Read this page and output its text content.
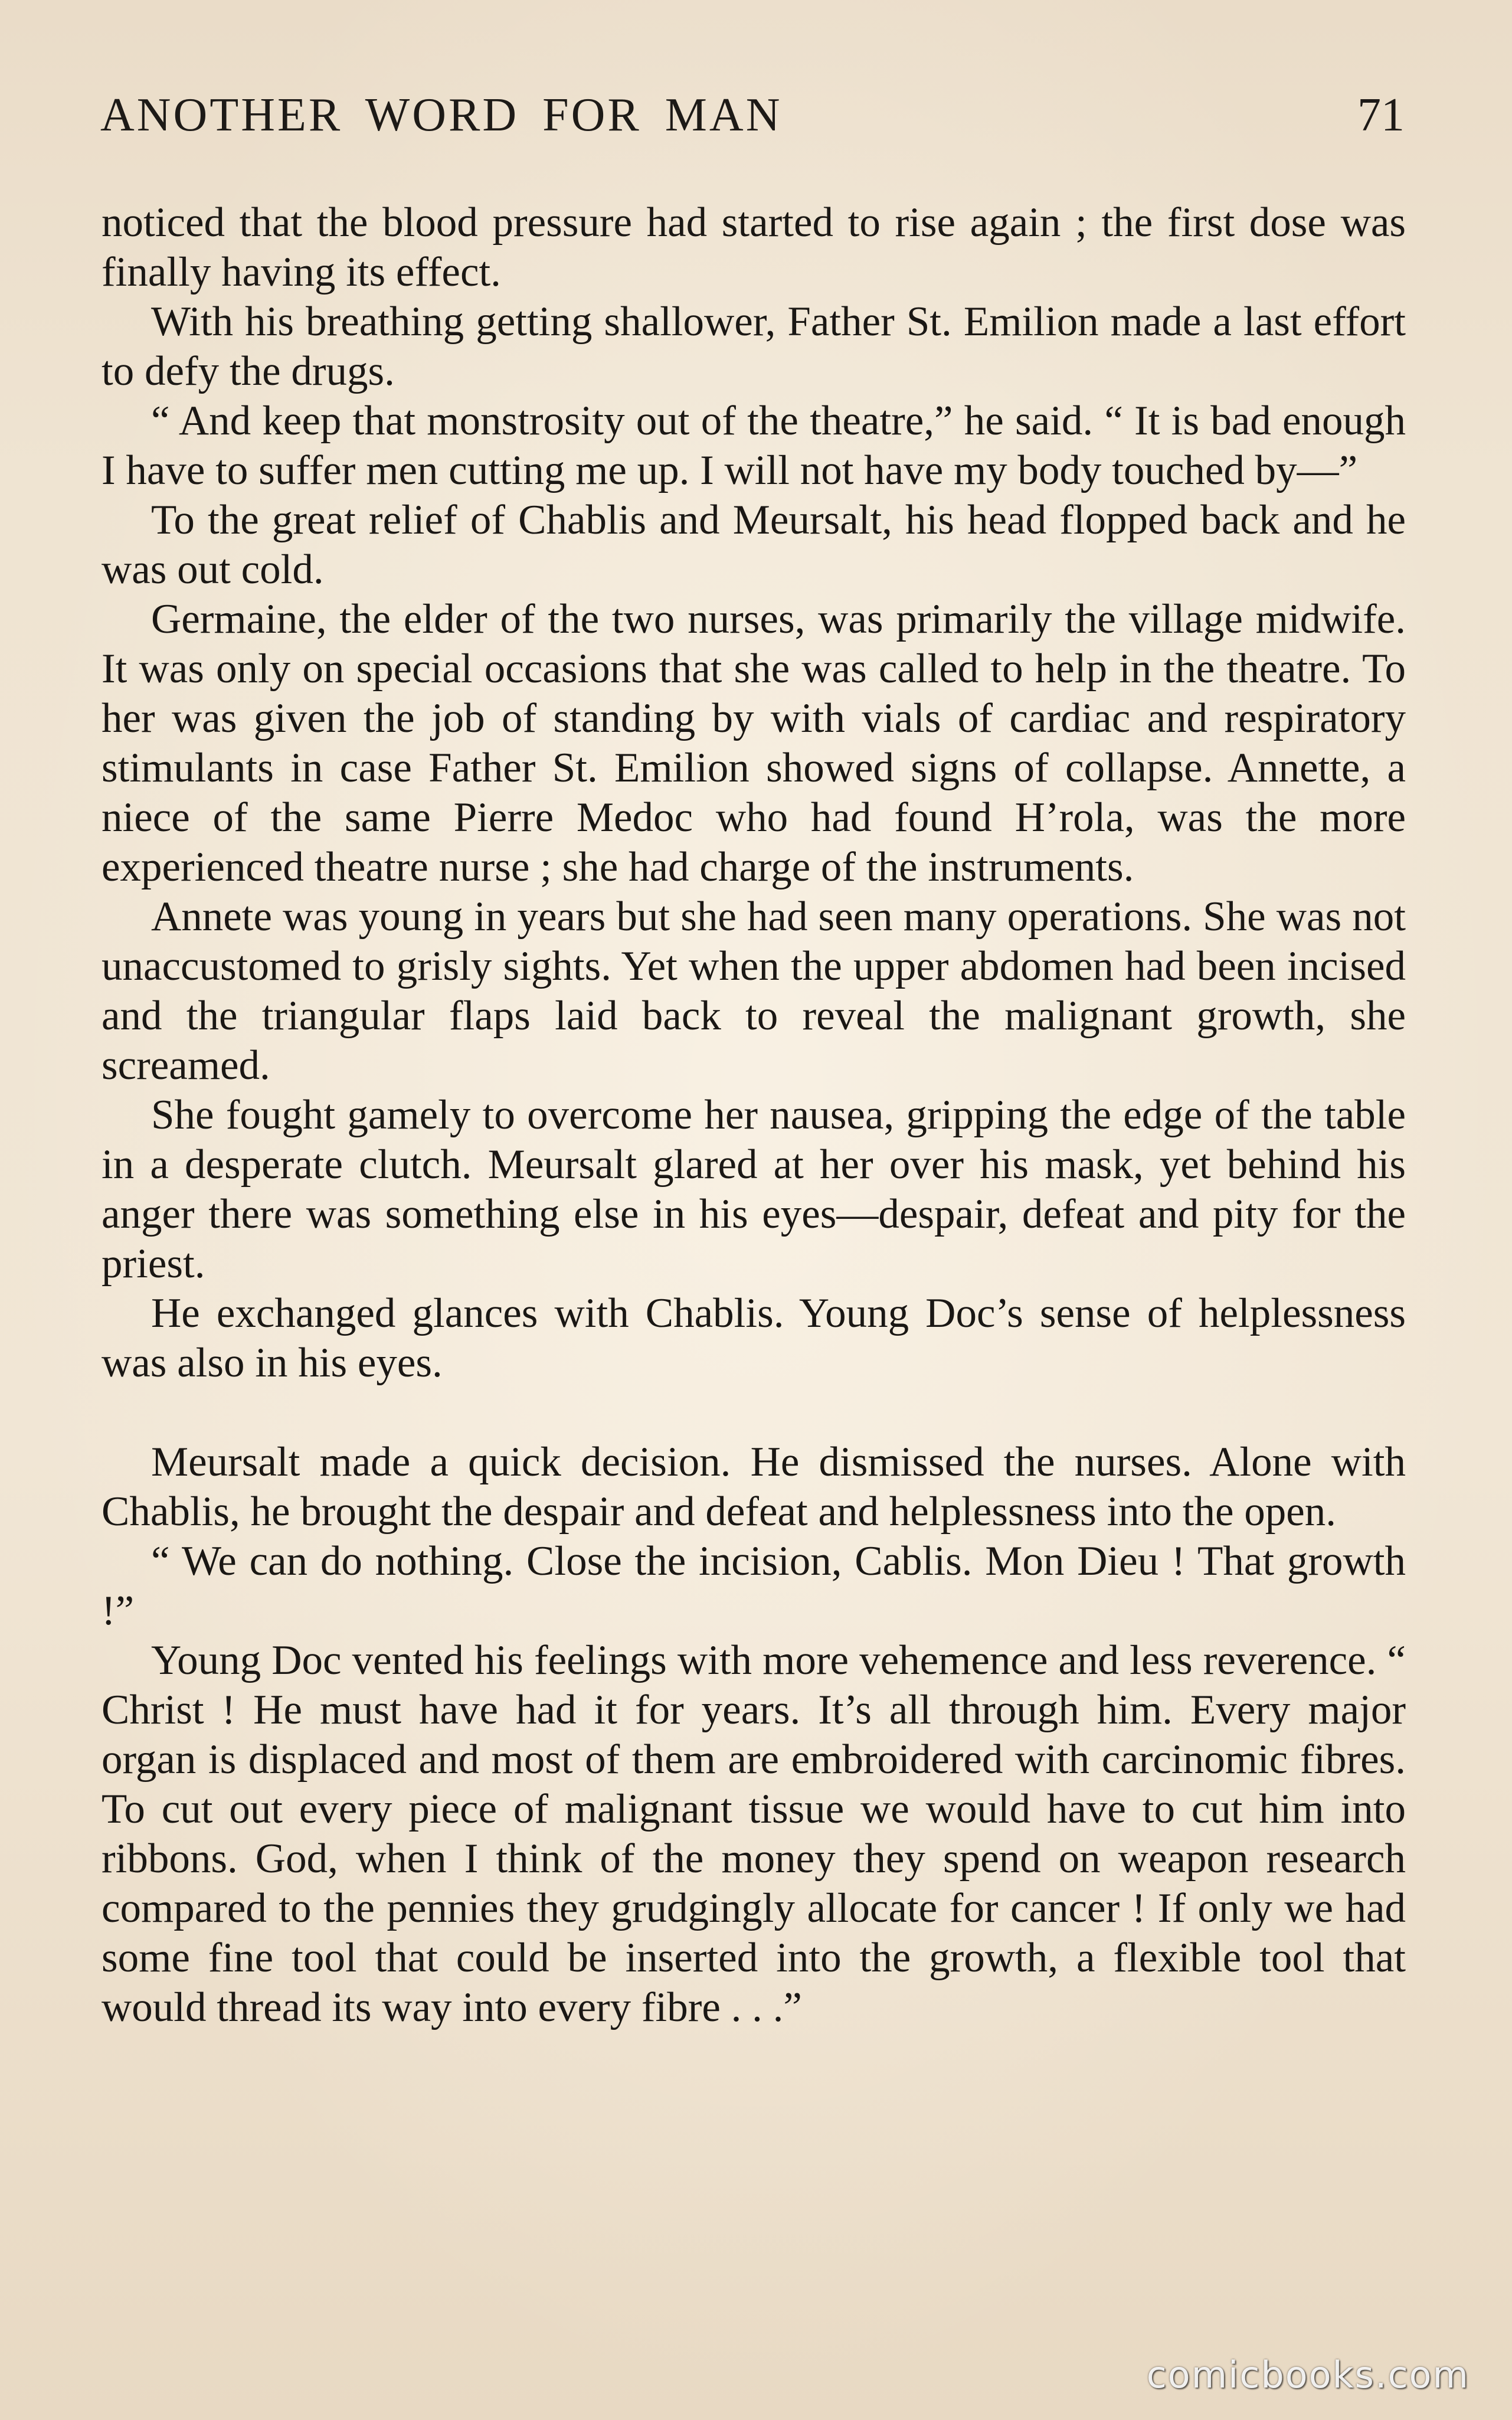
ANOTHER WORD FOR MAN	71

noticed that the blood pressure had started to rise again ; the first dose was finally having its effect.

With his breathing getting shallower, Father St. Emilion made a last effort to defy the drugs.

“ And keep that monstrosity out of the theatre,” he said. “ It is bad enough I have to suffer men cutting me up. I will not have my body touched by—”

To the great relief of Chablis and Meursalt, his head flopped back and he was out cold.

Germaine, the elder of the two nurses, was primarily the village midwife. It was only on special occasions that she was called to help in the theatre. To her was given the job of standing by with vials of cardiac and respiratory stimulants in case Father St. Emilion showed signs of collapse. Annette, a niece of the same Pierre Medoc who had found H’rola, was the more experienced theatre nurse ; she had charge of the instruments.

Annete was young in years but she had seen many operations. She was not unaccustomed to grisly sights. Yet when the upper abdomen had been incised and the triangular flaps laid back to reveal the malignant growth, she screamed.

She fought gamely to overcome her nausea, gripping the edge of the table in a desperate clutch. Meursalt glared at her over his mask, yet behind his anger there was something else in his eyes—despair, defeat and pity for the priest.

He exchanged glances with Chablis. Young Doc’s sense of helplessness was also in his eyes.

Meursalt made a quick decision. He dismissed the nurses. Alone with Chablis, he brought the despair and defeat and helplessness into the open.

“ We can do nothing. Close the incision, Cablis. Mon Dieu ! That growth !”

Young Doc vented his feelings with more vehemence and less reverence. “ Christ ! He must have had it for years. It’s all through him. Every major organ is displaced and most of them are embroidered with carcinomic fibres. To cut out every piece of malignant tissue we would have to cut him into ribbons. God, when I think of the money they spend on weapon research compared to the pennies they grudgingly allocate for cancer ! If only we had some fine tool that could be inserted into the growth, a flexible tool that would thread its way into every fibre . . .”

comicbooks.com
